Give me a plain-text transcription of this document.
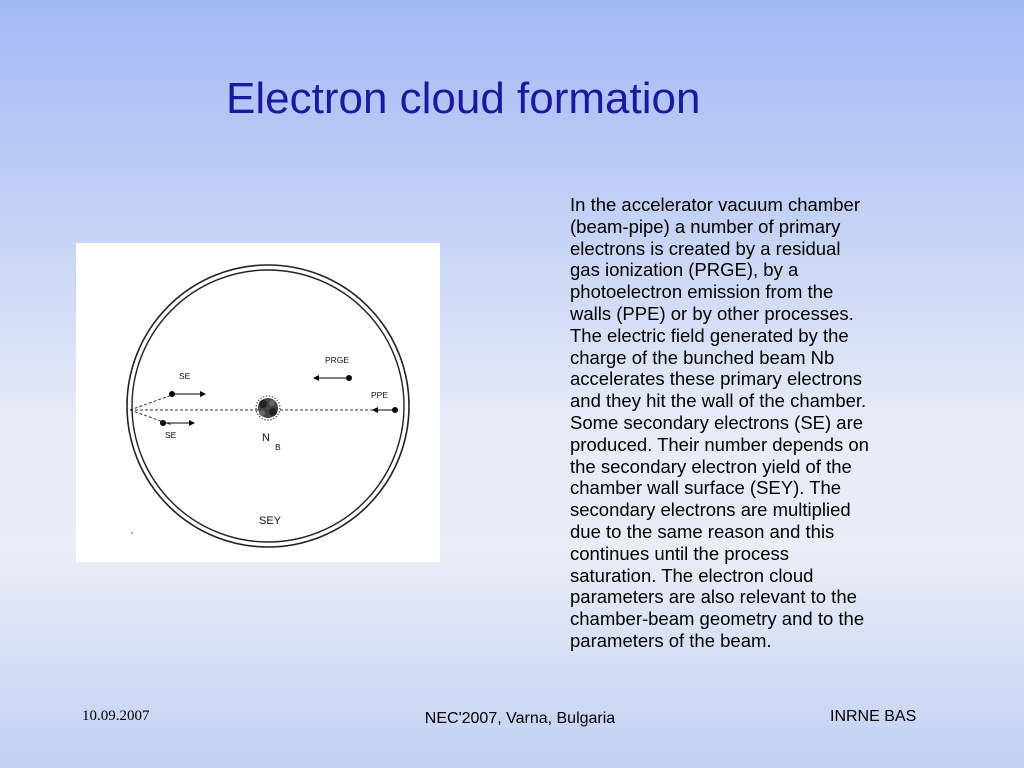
Electron cloud formation
SE
SE
PRGE
PPE
N
B
SEY
In the accelerator vacuum chamber
(beam-pipe) a number of primary
electrons is created by a residual
gas ionization (PRGE), by a
photoelectron emission from the
walls (PPE) or by other processes.
The electric field generated by the
charge of the bunched beam Nb
accelerates these primary electrons
and they hit the wall of the chamber.
Some secondary electrons (SE) are
produced. Their number depends on
the secondary electron yield of the
chamber wall surface (SEY). The
secondary electrons are multiplied
due to the same reason and this
continues until the process
saturation. The electron cloud
parameters are also relevant to the
chamber-beam geometry and to the
parameters of the beam.
10.09.2007	NEC'2007, Varna, Bulgaria	INRNE BAS
